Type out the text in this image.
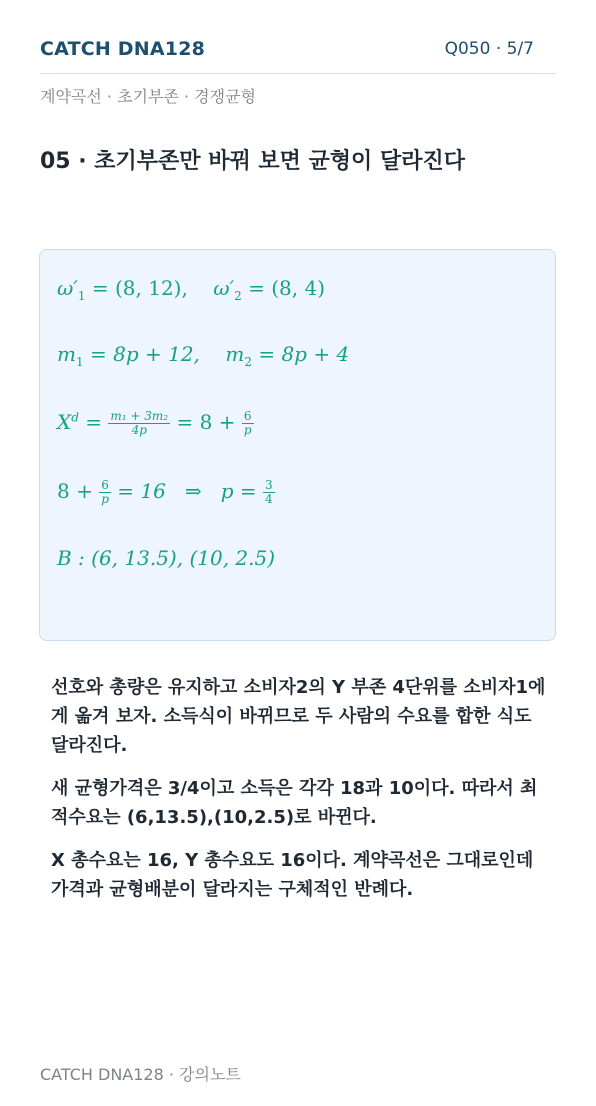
CATCH DNA128	Q050 · 5/7
계약곡선 · 초기부존 · 경쟁균형
05 · 초기부존만 바꿔 보면 균형이 달라진다
$\omega'_1 = (8$, 12),    $\omega'_2 = (8$, 4)
$m_1 = 8p + 12$,    $m_2 = 8p + 4$
$X^d = \frac{\text{m₁ + 3m₂}}{4p} = 8 + \frac{6}{p}$
$8 + \frac{6}{p} = 16$   ⇒   $p = \frac{3}{4}$
B : (6, 13.5), (10, 2.5)

선호와 총량은 유지하고 소비자2의 Y 부존 4단위를 소비자1에게 옮겨 보자. 소득식이 바뀌므로 두 사람의 수요를 합한 식도 달라진다.

새 균형가격은 3/4이고 소득은 각각 18과 10이다. 따라서 최적수요는 (6,13.5),(10,2.5)로 바뀐다.

X 총수요는 16, Y 총수요도 16이다. 계약곡선은 그대로인데 가격과 균형배분이 달라지는 구체적인 반례다.

CATCH DNA128 · 강의노트
